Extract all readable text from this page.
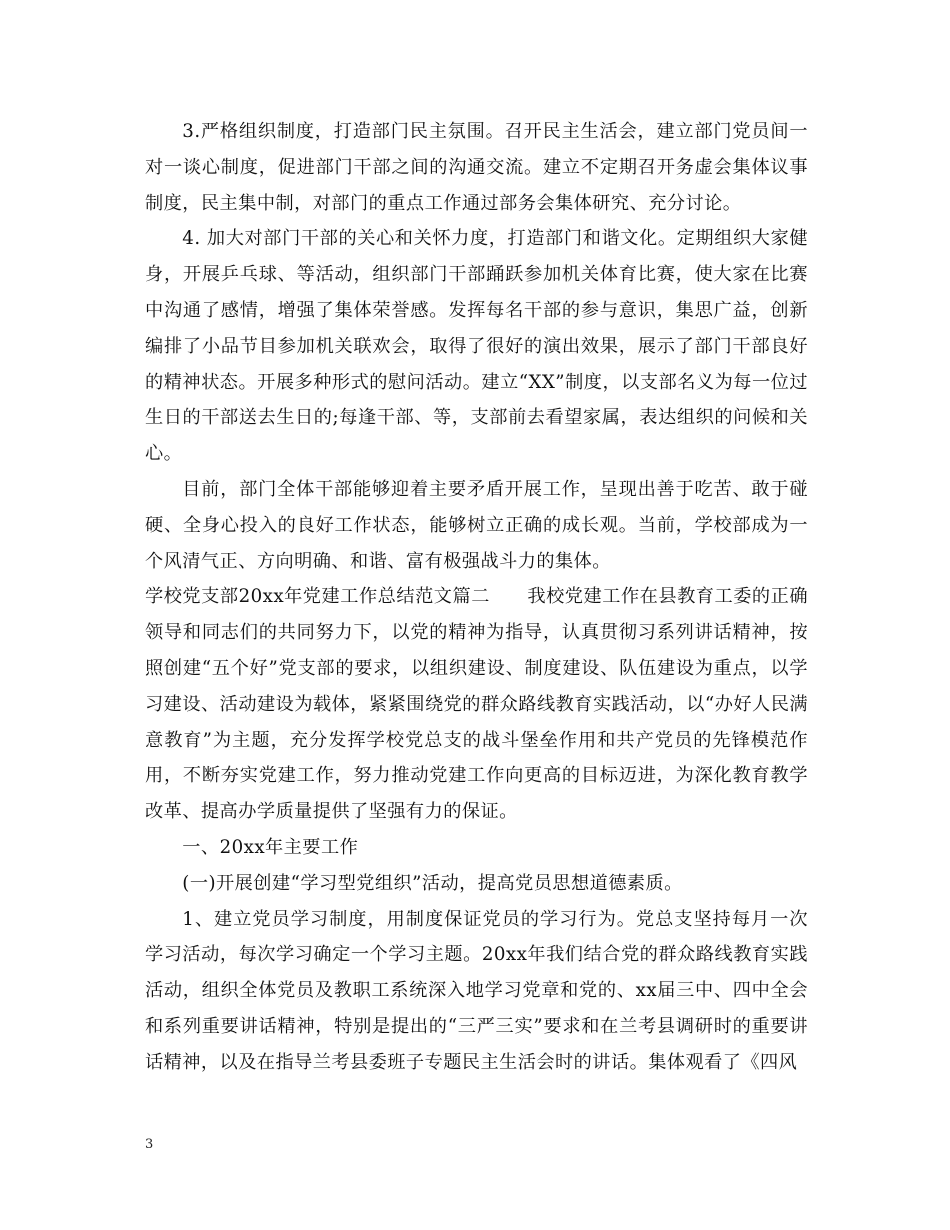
3.严格组织制度，打造部门民主氛围。召开民主生活会，建立部门党员间一对一谈心制度，促进部门干部之间的沟通交流。建立不定期召开务虚会集体议事制度，民主集中制，对部门的重点工作通过部务会集体研究、充分讨论。

4. 加大对部门干部的关心和关怀力度，打造部门和谐文化。定期组织大家健身，开展乒乓球、等活动，组织部门干部踊跃参加机关体育比赛，使大家在比赛中沟通了感情，增强了集体荣誉感。发挥每名干部的参与意识，集思广益，创新编排了小品节目参加机关联欢会，取得了很好的演出效果，展示了部门干部良好的精神状态。开展多种形式的慰问活动。建立“XX”制度，以支部名义为每一位过生日的干部送去生日的;每逢干部、等，支部前去看望家属，表达组织的问候和关心。

目前，部门全体干部能够迎着主要矛盾开展工作，呈现出善于吃苦、敢于碰硬、全身心投入的良好工作状态，能够树立正确的成长观。当前，学校部成为一个风清气正、方向明确、和谐、富有极强战斗力的集体。

学校党支部20xx年党建工作总结范文篇二　　我校党建工作在县教育工委的正确领导和同志们的共同努力下，以党的精神为指导，认真贯彻习系列讲话精神，按照创建“五个好”党支部的要求，以组织建设、制度建设、队伍建设为重点，以学习建设、活动建设为载体，紧紧围绕党的群众路线教育实践活动，以“办好人民满意教育”为主题，充分发挥学校党总支的战斗堡垒作用和共产党员的先锋模范作用，不断夯实党建工作，努力推动党建工作向更高的目标迈进，为深化教育教学改革、提高办学质量提供了坚强有力的保证。

一、20xx年主要工作

(一)开展创建“学习型党组织”活动，提高党员思想道德素质。

1、建立党员学习制度，用制度保证党员的学习行为。党总支坚持每月一次学习活动，每次学习确定一个学习主题。20xx年我们结合党的群众路线教育实践活动，组织全体党员及教职工系统深入地学习党章和党的、xx届三中、四中全会和系列重要讲话精神，特别是提出的“三严三实”要求和在兰考县调研时的重要讲话精神，以及在指导兰考县委班子专题民主生活会时的讲话。集体观看了《四风

3
